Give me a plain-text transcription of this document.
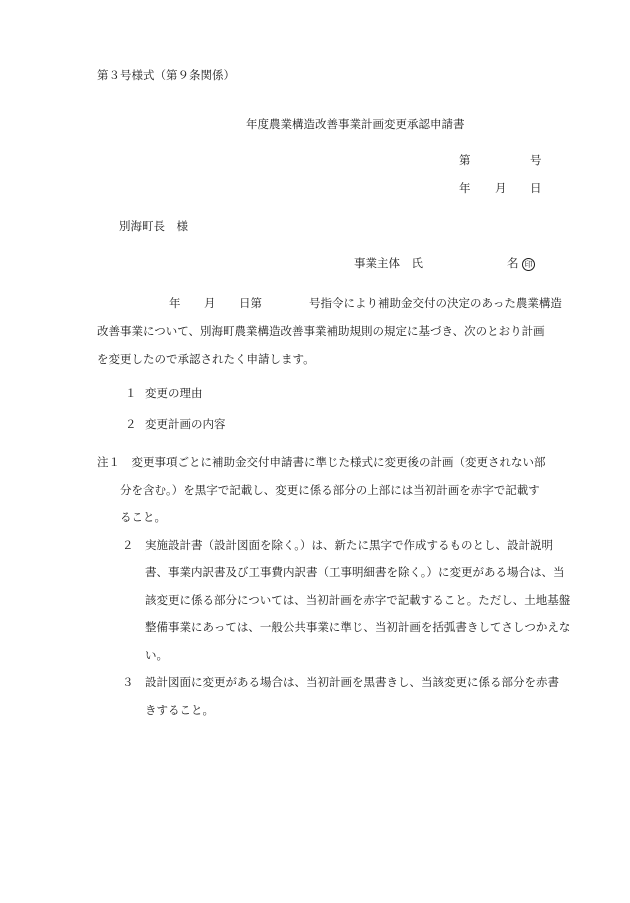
第３号様式（第９条関係）
年度農業構造改善事業計画変更承認申請書
第	号
年 月 日
別海町長　様
事業主体　氏	名 印
年 月 日第	号指令により補助金交付の決定のあった農業構造
改善事業について、別海町農業構造改善事業補助規則の規定に基づき、次のとおり計画
を変更したので承認されたく申請します。
１ 変更の理由
２ 変更計画の内容
注１　 変更事項ごとに補助金交付申請書に準じた様式に変更後の計画（変更されない部
分を含む。）を黒字で記載し、変更に係る部分の上部には当初計画を赤字で記載す
ること。
２　 実施設計書（設計図面を除く。）は、新たに黒字で作成するものとし、設計説明
書、事業内訳書及び工事費内訳書（工事明細書を除く。）に変更がある場合は、当
該変更に係る部分については、当初計画を赤字で記載すること。ただし、土地基盤
整備事業にあっては、一般公共事業に準じ、当初計画を括弧書きしてさしつかえな
い。
３　 設計図面に変更がある場合は、当初計画を黒書きし、当該変更に係る部分を赤書
きすること。
